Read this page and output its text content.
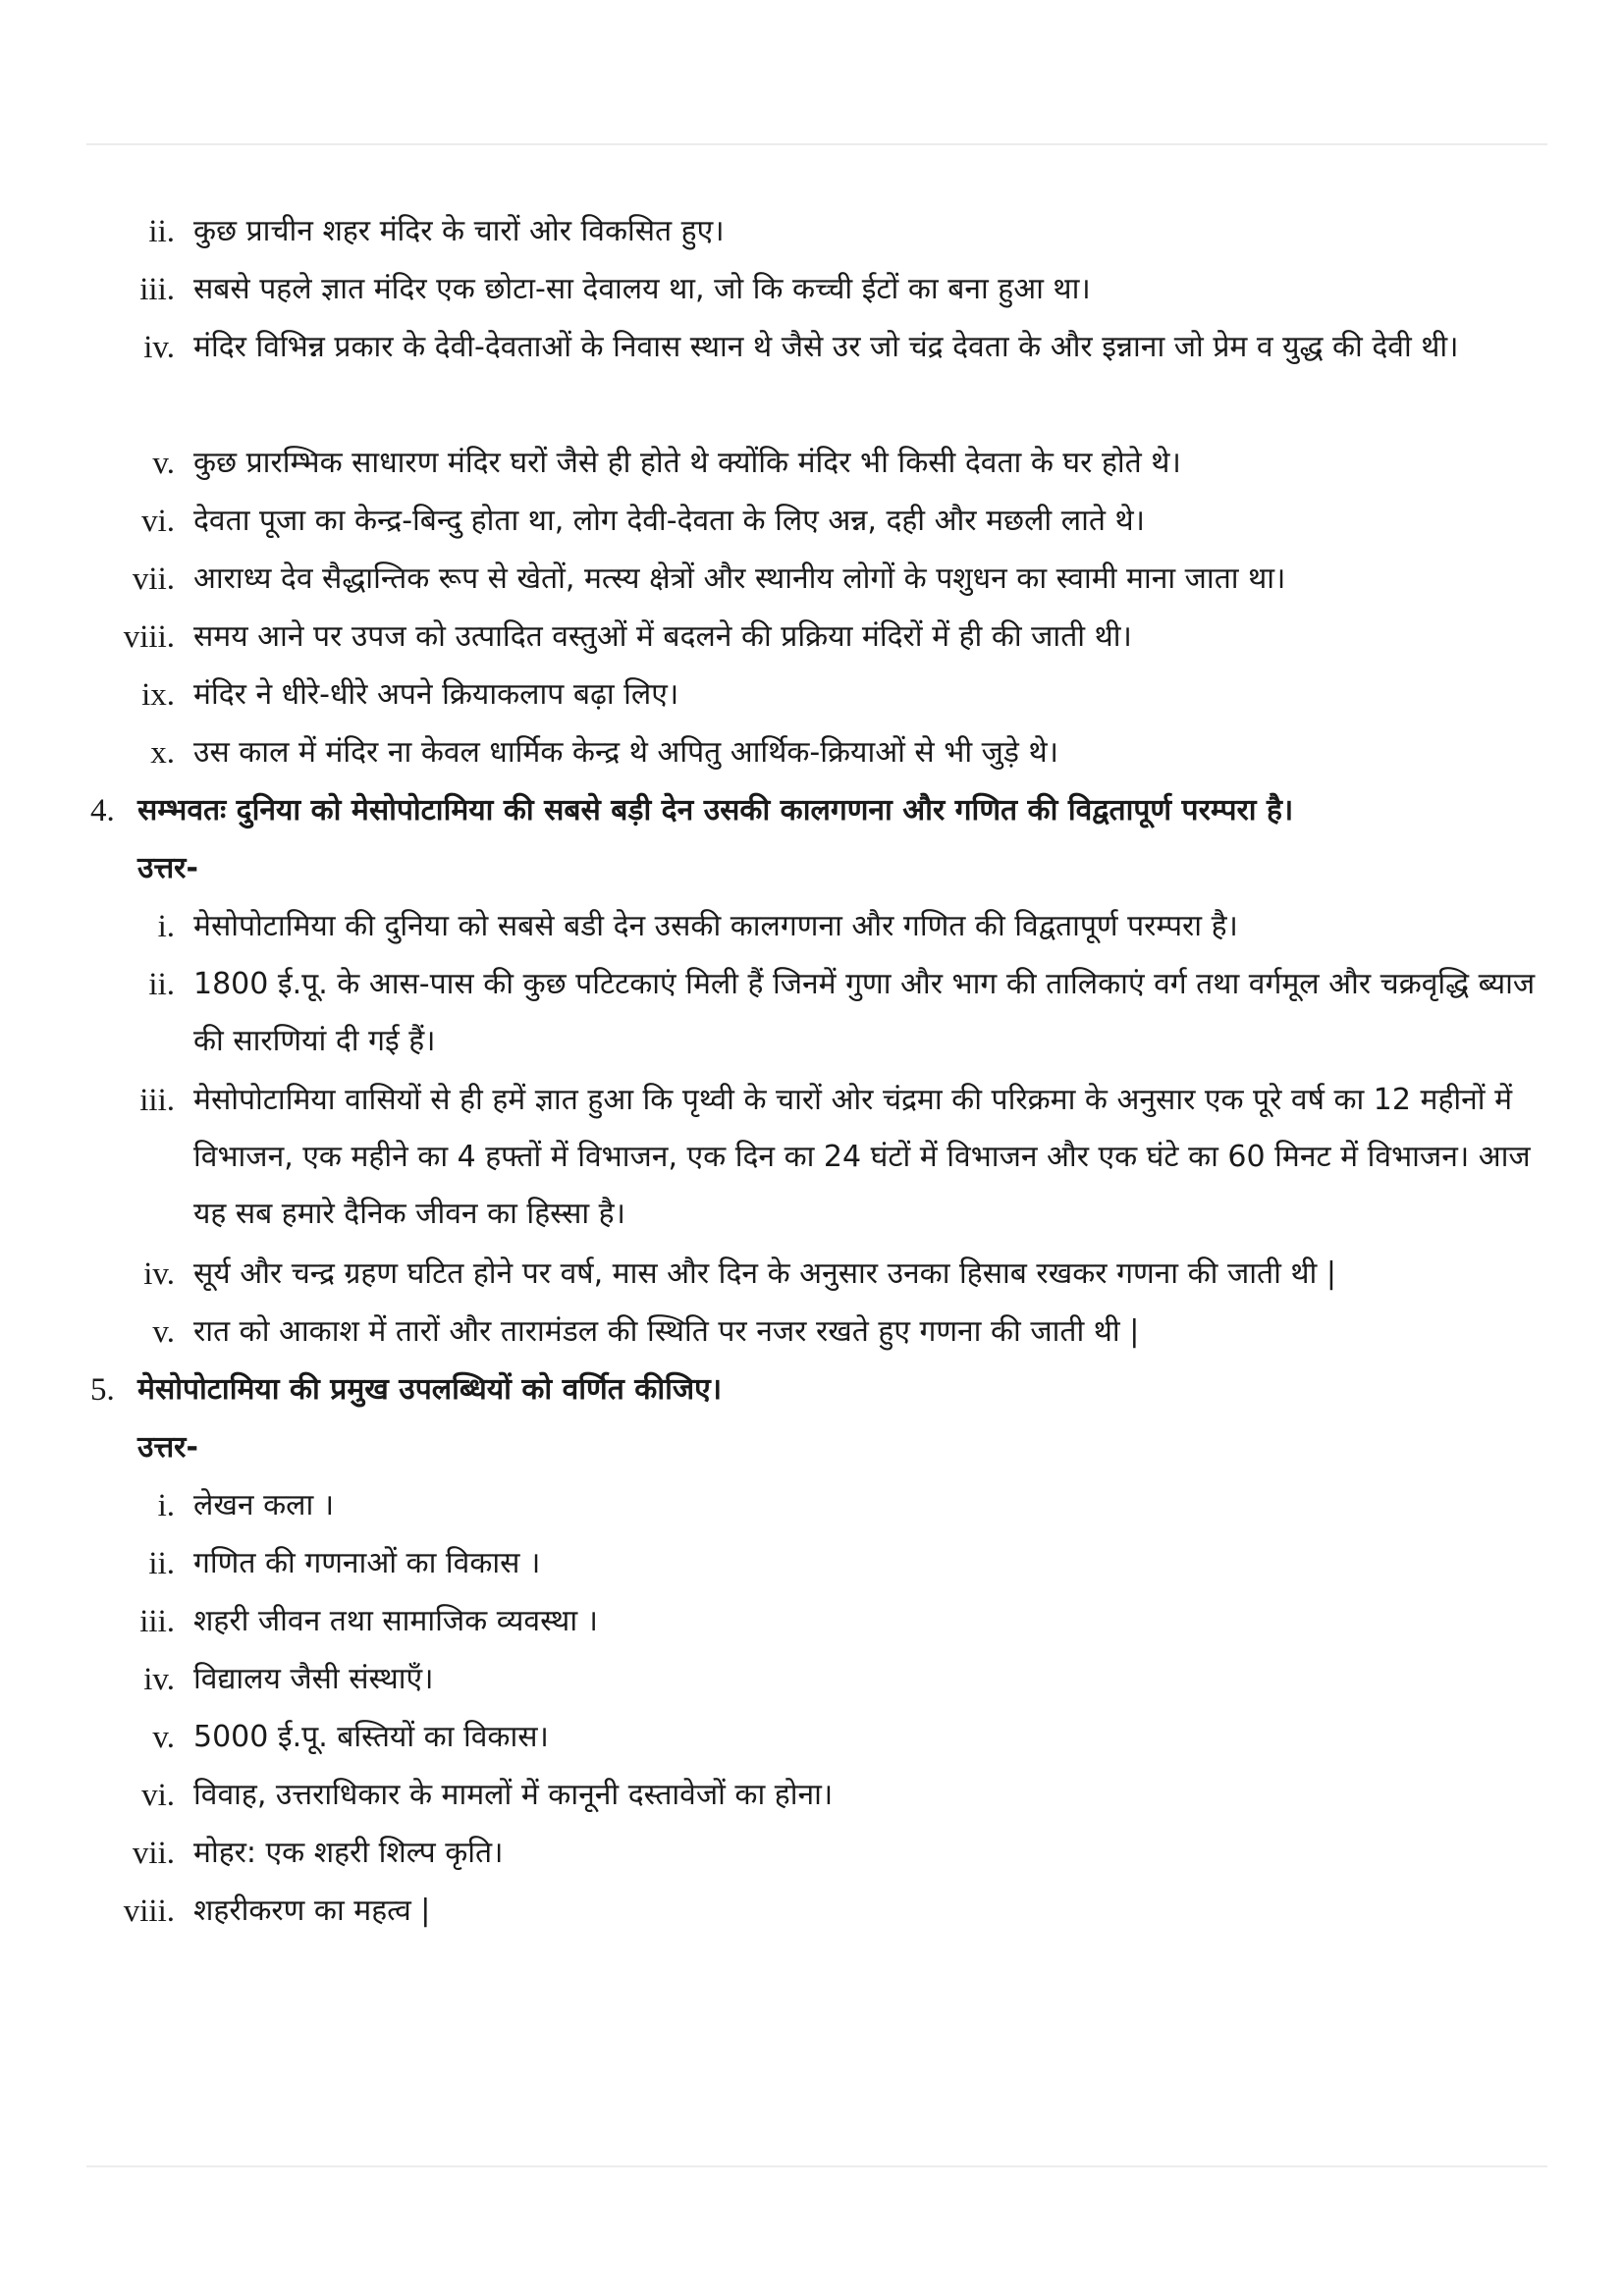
ii. कुछ प्राचीन शहर मंदिर के चारों ओर विकसित हुए।
iii. सबसे पहले ज्ञात मंदिर एक छोटा-सा देवालय था, जो कि कच्ची ईटों का बना हुआ था।
iv. मंदिर विभिन्न प्रकार के देवी-देवताओं के निवास स्थान थे जैसे उर जो चंद्र देवता के और इन्नाना जो प्रेम व युद्ध की देवी थी।
v. कुछ प्रारम्भिक साधारण मंदिर घरों जैसे ही होते थे क्योंकि मंदिर भी किसी देवता के घर होते थे।
vi. देवता पूजा का केन्द्र-बिन्दु होता था, लोग देवी-देवता के लिए अन्न, दही और मछली लाते थे।
vii. आराध्य देव सैद्धान्तिक रूप से खेतों, मत्स्य क्षेत्रों और स्थानीय लोगों के पशुधन का स्वामी माना जाता था।
viii. समय आने पर उपज को उत्पादित वस्तुओं में बदलने की प्रक्रिया मंदिरों में ही की जाती थी।
ix. मंदिर ने धीरे-धीरे अपने क्रियाकलाप बढ़ा लिए।
x. उस काल में मंदिर ना केवल धार्मिक केन्द्र थे अपितु आर्थिक-क्रियाओं से भी जुड़े थे।
4. सम्भवतः दुनिया को मेसोपोटामिया की सबसे बड़ी देन उसकी कालगणना और गणित की विद्वतापूर्ण परम्परा है।
उत्तर-
i. मेसोपोटामिया की दुनिया को सबसे बडी देन उसकी कालगणना और गणित की विद्वतापूर्ण परम्परा है।
ii. 1800 ई.पू. के आस-पास की कुछ पटिटकाएं मिली हैं जिनमें गुणा और भाग की तालिकाएं वर्ग तथा वर्गमूल और चक्रवृद्धि ब्याज की सारणियां दी गई हैं।
iii. मेसोपोटामिया वासियों से ही हमें ज्ञात हुआ कि पृथ्वी के चारों ओर चंद्रमा की परिक्रमा के अनुसार एक पूरे वर्ष का 12 महीनों में विभाजन, एक महीने का 4 हफ्तों में विभाजन, एक दिन का 24 घंटों में विभाजन और एक घंटे का 60 मिनट में विभाजन। आज यह सब हमारे दैनिक जीवन का हिस्सा है।
iv. सूर्य और चन्द्र ग्रहण घटित होने पर वर्ष, मास और दिन के अनुसार उनका हिसाब रखकर गणना की जाती थी |
v. रात को आकाश में तारों और तारामंडल की स्थिति पर नजर रखते हुए गणना की जाती थी |
5. मेसोपोटामिया की प्रमुख उपलब्धियों को वर्णित कीजिए।
उत्तर-
i. लेखन कला ।
ii. गणित की गणनाओं का विकास ।
iii. शहरी जीवन तथा सामाजिक व्यवस्था ।
iv. विद्यालय जैसी संस्थाएँ।
v. 5000 ई.पू. बस्तियों का विकास।
vi. विवाह, उत्तराधिकार के मामलों में कानूनी दस्तावेजों का होना।
vii. मोहर: एक शहरी शिल्प कृति।
viii. शहरीकरण का महत्व |
